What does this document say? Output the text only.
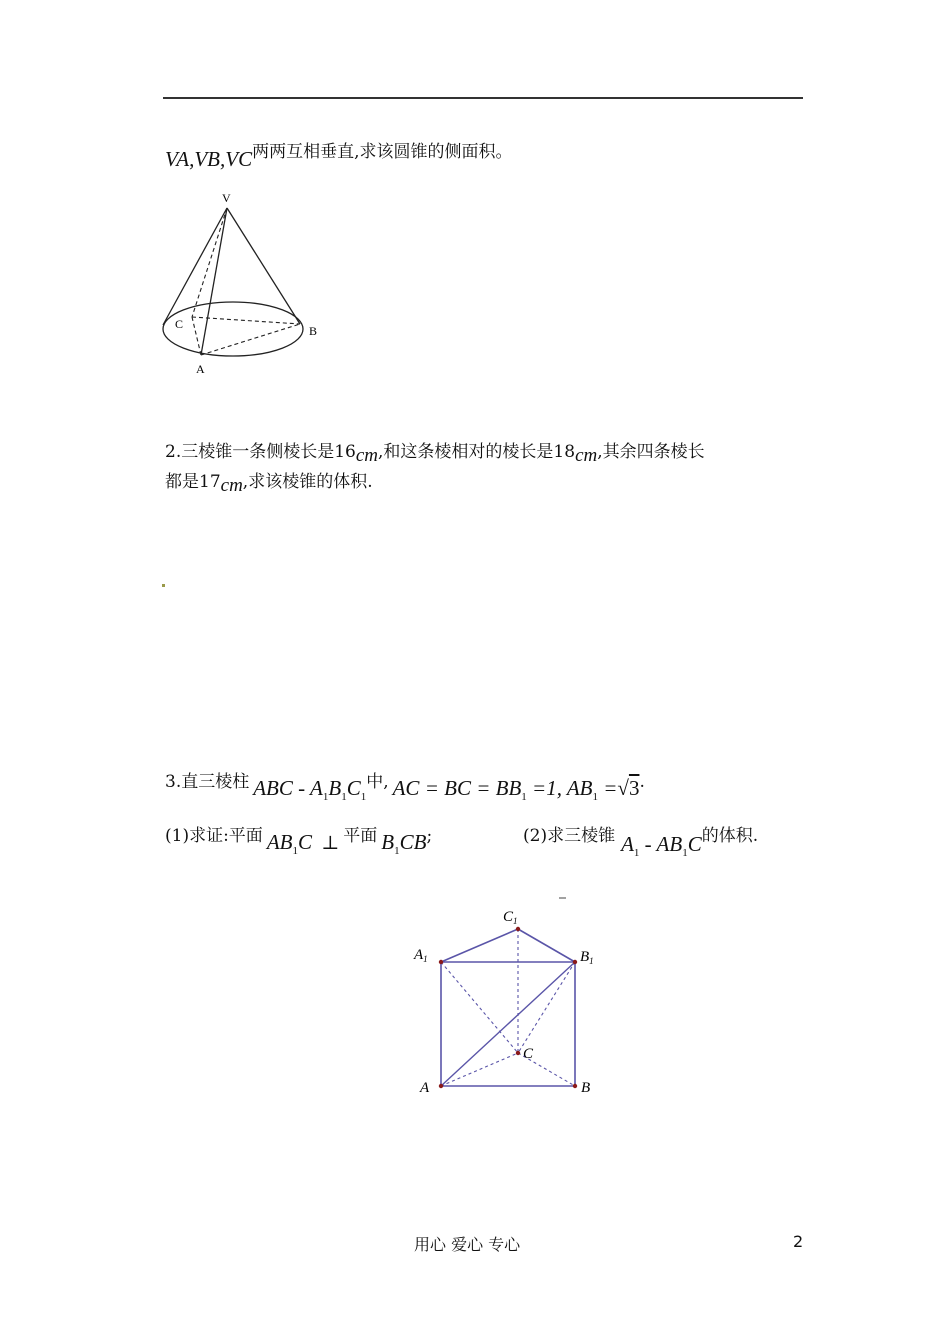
VA,VB,VC两两互相垂直,求该圆锥的侧面积。
V
C	B
A
2.三棱锥一条侧棱长是16cm,和这条棱相对的棱长是18cm,其余四条棱长
都是17cm,求该棱锥的体积.
3.直三棱柱 ABC - $A_1B_1C_1$中, AC = BC = $BB_1 =1$, $AB_1 =√3$.
(1)求证:平面 $AB_1C$ ⊥ 平面 $B_1CB$;	(2)求三棱锥 $A_1 - AB_1C$的体积.
$C_1$
$A_1$	$B_1$
C
A	B
用心 爱心 专心	2
